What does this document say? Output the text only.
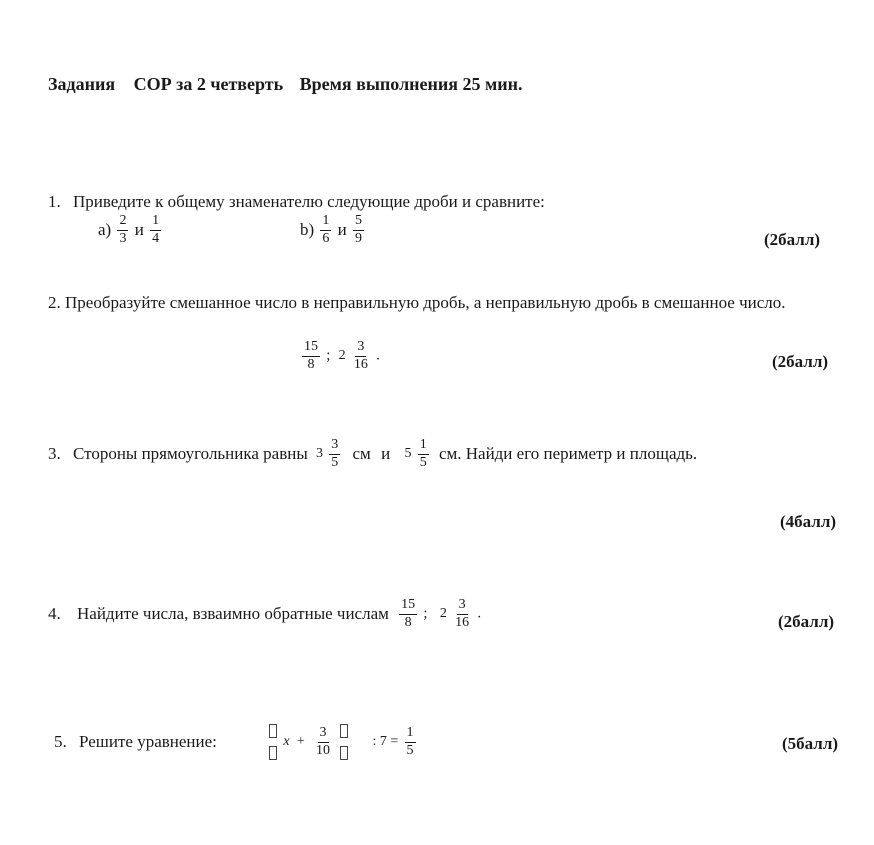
Задания СОР за 2 четверть Время выполнения 25 мин.
1. Приведите к общему знаменателю следующие дроби и сравните:
$a) \frac{2}{3}$ и $\frac{1}{4}$	$b) \frac{1}{6}$ и $\frac{5}{9}$	(2балл)
2. Преобразуйте смешанное число в неправильную дробь, а неправильную дробь в смешанное число.
$\frac{15}{8}$ ; $2 \frac{3}{16}$ .	(2балл)
3. Стороны прямоугольника равны $3 \frac{3}{5}$ см и $5 \frac{1}{5}$ см. Найди его периметр и площадь.
(4балл)
4. Найдите числа, взваимно обратные числам $\frac{15}{8}$ ; $2 \frac{3}{16}$ .	(2балл)
5. Решите уравнение:	$x + \frac{3}{10}$
	: $7 = \frac{1}{5}$	(5балл)
